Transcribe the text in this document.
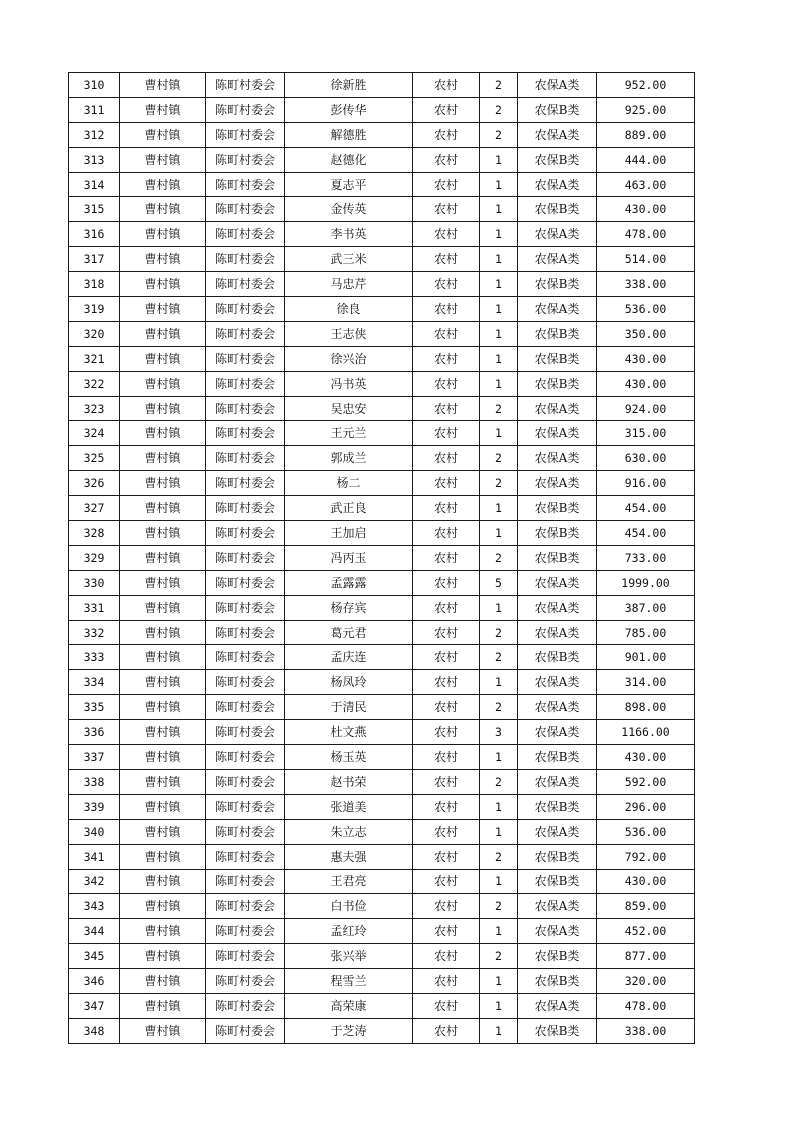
310	曹村镇	陈町村委会	徐新胜	农村	2	农保A类	952.00
311	曹村镇	陈町村委会	彭传华	农村	2	农保B类	925.00
312	曹村镇	陈町村委会	解德胜	农村	2	农保A类	889.00
313	曹村镇	陈町村委会	赵德化	农村	1	农保B类	444.00
314	曹村镇	陈町村委会	夏志平	农村	1	农保A类	463.00
315	曹村镇	陈町村委会	金传英	农村	1	农保B类	430.00
316	曹村镇	陈町村委会	李书英	农村	1	农保A类	478.00
317	曹村镇	陈町村委会	武三米	农村	1	农保A类	514.00
318	曹村镇	陈町村委会	马忠芹	农村	1	农保B类	338.00
319	曹村镇	陈町村委会	徐良	农村	1	农保A类	536.00
320	曹村镇	陈町村委会	王志侠	农村	1	农保B类	350.00
321	曹村镇	陈町村委会	徐兴治	农村	1	农保B类	430.00
322	曹村镇	陈町村委会	冯书英	农村	1	农保B类	430.00
323	曹村镇	陈町村委会	吴忠安	农村	2	农保A类	924.00
324	曹村镇	陈町村委会	王元兰	农村	1	农保A类	315.00
325	曹村镇	陈町村委会	郭成兰	农村	2	农保A类	630.00
326	曹村镇	陈町村委会	杨二	农村	2	农保A类	916.00
327	曹村镇	陈町村委会	武正良	农村	1	农保B类	454.00
328	曹村镇	陈町村委会	王加启	农村	1	农保B类	454.00
329	曹村镇	陈町村委会	冯丙玉	农村	2	农保B类	733.00
330	曹村镇	陈町村委会	孟露露	农村	5	农保A类	1999.00
331	曹村镇	陈町村委会	杨存宾	农村	1	农保A类	387.00
332	曹村镇	陈町村委会	葛元君	农村	2	农保A类	785.00
333	曹村镇	陈町村委会	孟庆连	农村	2	农保B类	901.00
334	曹村镇	陈町村委会	杨凤玲	农村	1	农保A类	314.00
335	曹村镇	陈町村委会	于清民	农村	2	农保A类	898.00
336	曹村镇	陈町村委会	杜文燕	农村	3	农保A类	1166.00
337	曹村镇	陈町村委会	杨玉英	农村	1	农保B类	430.00
338	曹村镇	陈町村委会	赵书荣	农村	2	农保A类	592.00
339	曹村镇	陈町村委会	张道美	农村	1	农保B类	296.00
340	曹村镇	陈町村委会	朱立志	农村	1	农保A类	536.00
341	曹村镇	陈町村委会	惠夫强	农村	2	农保B类	792.00
342	曹村镇	陈町村委会	王君亮	农村	1	农保B类	430.00
343	曹村镇	陈町村委会	白书俭	农村	2	农保A类	859.00
344	曹村镇	陈町村委会	孟红玲	农村	1	农保A类	452.00
345	曹村镇	陈町村委会	张兴举	农村	2	农保B类	877.00
346	曹村镇	陈町村委会	程雪兰	农村	1	农保B类	320.00
347	曹村镇	陈町村委会	高荣康	农村	1	农保A类	478.00
348	曹村镇	陈町村委会	于芝涛	农村	1	农保B类	338.00
